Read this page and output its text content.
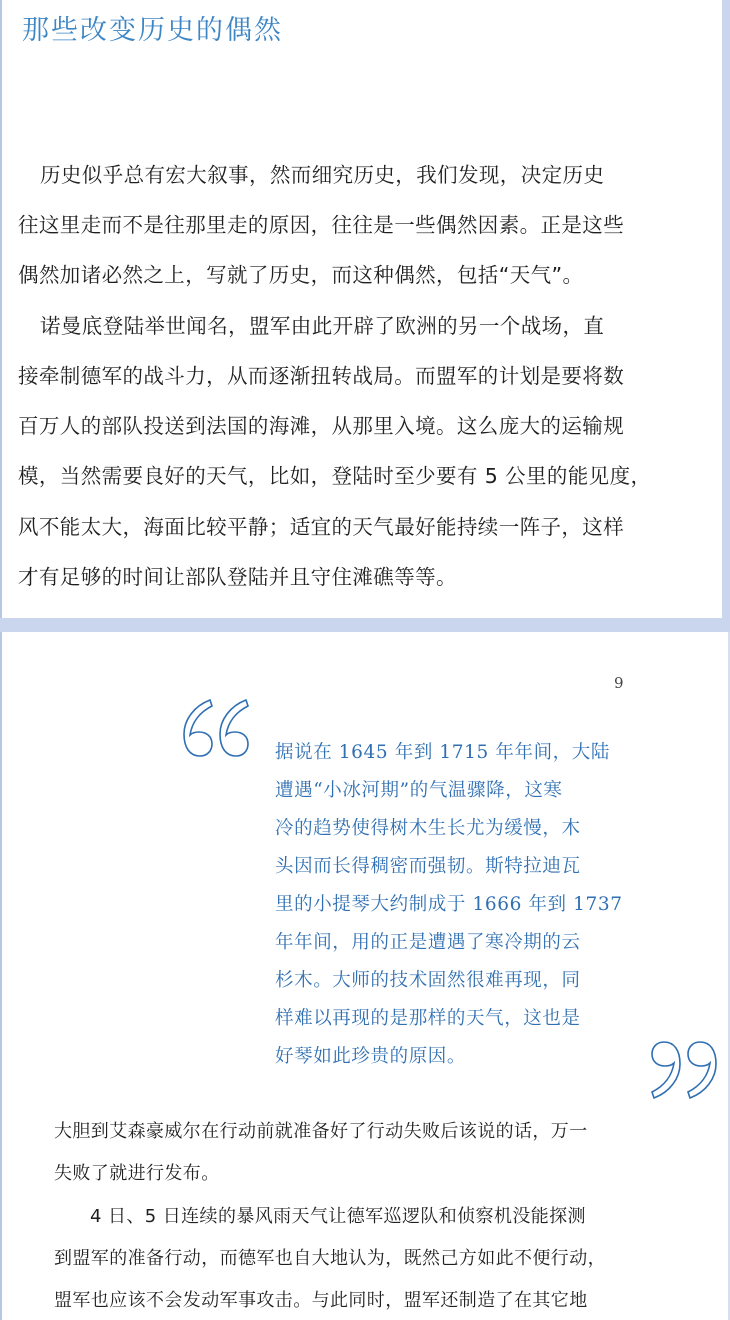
那些改变历史的偶然

历史似乎总有宏大叙事，然而细究历史，我们发现，决定历史

往这里走而不是往那里走的原因，往往是一些偶然因素。正是这些

偶然加诸必然之上，写就了历史，而这种偶然，包括“天气”。

诺曼底登陆举世闻名，盟军由此开辟了欧洲的另一个战场，直

接牵制德军的战斗力，从而逐渐扭转战局。而盟军的计划是要将数

百万人的部队投送到法国的海滩，从那里入境。这么庞大的运输规

模，当然需要良好的天气，比如，登陆时至少要有 5 公里的能见度，

风不能太大，海面比较平静；适宜的天气最好能持续一阵子，这样

才有足够的时间让部队登陆并且守住滩礁等等。

9

据说在 1645 年到 1715 年年间，大陆

遭遇“小冰河期”的气温骤降，这寒

冷的趋势使得树木生长尤为缓慢，木

头因而长得稠密而强韧。斯特拉迪瓦

里的小提琴大约制成于 1666 年到 1737

年年间，用的正是遭遇了寒冷期的云

杉木。大师的技术固然很难再现，同

样难以再现的是那样的天气，这也是

好琴如此珍贵的原因。

大胆到艾森豪威尔在行动前就准备好了行动失败后该说的话，万一

失败了就进行发布。

4 日、5 日连续的暴风雨天气让德军巡逻队和侦察机没能探测

到盟军的准备行动，而德军也自大地认为，既然己方如此不便行动，

盟军也应该不会发动军事攻击。与此同时，盟军还制造了在其它地
